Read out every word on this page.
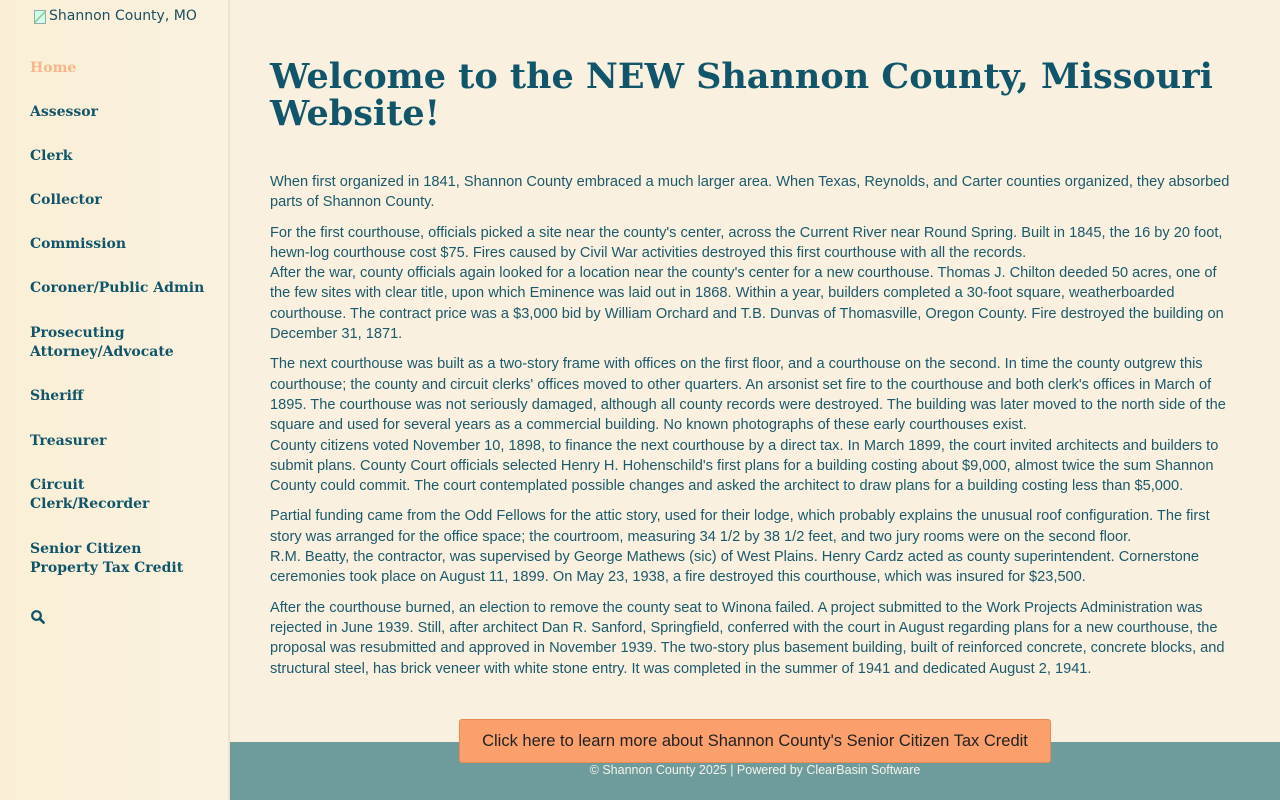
Shannon County, MO
Home
Assessor
Clerk
Collector
Commission
Coroner/Public Admin
Prosecuting
Attorney/Advocate
Sheriff
Treasurer
Circuit
Clerk/Recorder
Senior Citizen
Property Tax Credit
Welcome to the NEW Shannon County, Missouri Website!

When first organized in 1841, Shannon County embraced a much larger area. When Texas, Reynolds, and Carter counties organized, they absorbed parts of Shannon County.

For the first courthouse, officials picked a site near the county's center, across the Current River near Round Spring. Built in 1845, the 16 by 20 foot, hewn-log courthouse cost $75. Fires caused by Civil War activities destroyed this first courthouse with all the records.

After the war, county officials again looked for a location near the county's center for a new courthouse. Thomas J. Chilton deeded 50 acres, one of the few sites with clear title, upon which Eminence was laid out in 1868. Within a year, builders completed a 30-foot square, weatherboarded courthouse. The contract price was a $3,000 bid by William Orchard and T.B. Dunvas of Thomasville, Oregon County. Fire destroyed the building on December 31, 1871.

The next courthouse was built as a two-story frame with offices on the first floor, and a courthouse on the second. In time the county outgrew this courthouse; the county and circuit clerks' offices moved to other quarters. An arsonist set fire to the courthouse and both clerk's offices in March of 1895. The courthouse was not seriously damaged, although all county records were destroyed. The building was later moved to the north side of the square and used for several years as a commercial building. No known photographs of these early courthouses exist.

County citizens voted November 10, 1898, to finance the next courthouse by a direct tax. In March 1899, the court invited architects and builders to submit plans. County Court officials selected Henry H. Hohenschild's first plans for a building costing about $9,000, almost twice the sum Shannon County could commit. The court contemplated possible changes and asked the architect to draw plans for a building costing less than $5,000.

Partial funding came from the Odd Fellows for the attic story, used for their lodge, which probably explains the unusual roof configuration. The first story was arranged for the office space; the courtroom, measuring 34 1/2 by 38 1/2 feet, and two jury rooms were on the second floor.

R.M. Beatty, the contractor, was supervised by George Mathews (sic) of West Plains. Henry Cardz acted as county superintendent. Cornerstone ceremonies took place on August 11, 1899. On May 23, 1938, a fire destroyed this courthouse, which was insured for $23,500.

After the courthouse burned, an election to remove the county seat to Winona failed. A project submitted to the Work Projects Administration was rejected in June 1939. Still, after architect Dan R. Sanford, Springfield, conferred with the court in August regarding plans for a new courthouse, the proposal was resubmitted and approved in November 1939. The two-story plus basement building, built of reinforced concrete, concrete blocks, and structural steel, has brick veneer with white stone entry. It was completed in the summer of 1941 and dedicated August 2, 1941.

© Shannon County 2025 | Powered by ClearBasin Software
Click here to learn more about Shannon County's Senior Citizen Tax Credit
